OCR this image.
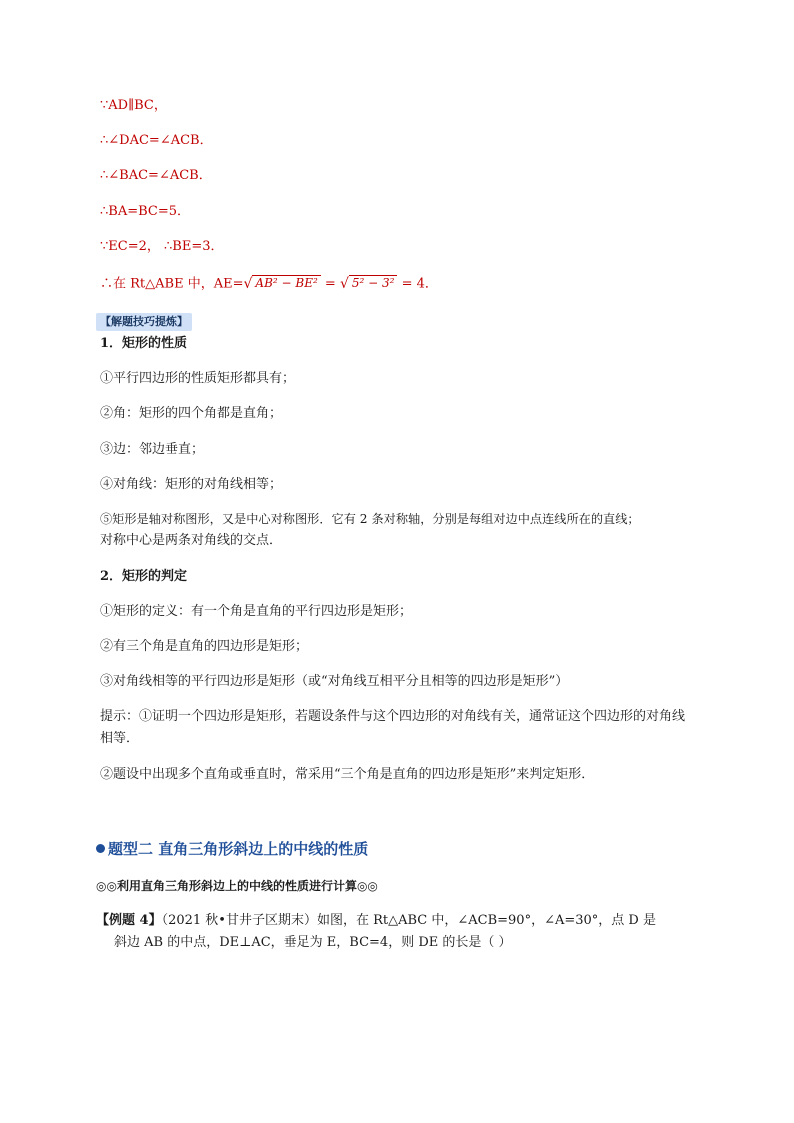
∵AD∥BC，
∴∠DAC=∠ACB．
∴∠BAC=∠ACB．
∴BA=BC=5．
∵EC=2， ∴BE=3．
∴在 Rt△ABE 中，AE=√ AB² − BE² = √ 5² − 3² = 4．
【解题技巧提炼】
1．矩形的性质
①平行四边形的性质矩形都具有；
②角：矩形的四个角都是直角；
③边：邻边垂直；
④对角线：矩形的对角线相等；
⑤矩形是轴对称图形，又是中心对称图形．它有 2 条对称轴，分别是每组对边中点连线所在的直线；
对称中心是两条对角线的交点．
2．矩形的判定
①矩形的定义：有一个角是直角的平行四边形是矩形；
②有三个角是直角的四边形是矩形；
③对角线相等的平行四边形是矩形（或“对角线互相平分且相等的四边形是矩形”）
提示：①证明一个四边形是矩形，若题设条件与这个四边形的对角线有关，通常证这个四边形的对角线
相等．
②题设中出现多个直角或垂直时，常采用“三个角是直角的四边形是矩形”来判定矩形．
题型二 直角三角形斜边上的中线的性质
◎◎利用直角三角形斜边上的中线的性质进行计算◎◎
【例题 4】（2021 秋•甘井子区期末）如图，在 Rt△ABC 中，∠ACB=90°，∠A=30°，点 D 是
斜边 AB 的中点，DE⊥AC，垂足为 E，BC=4，则 DE 的长是（ ）
